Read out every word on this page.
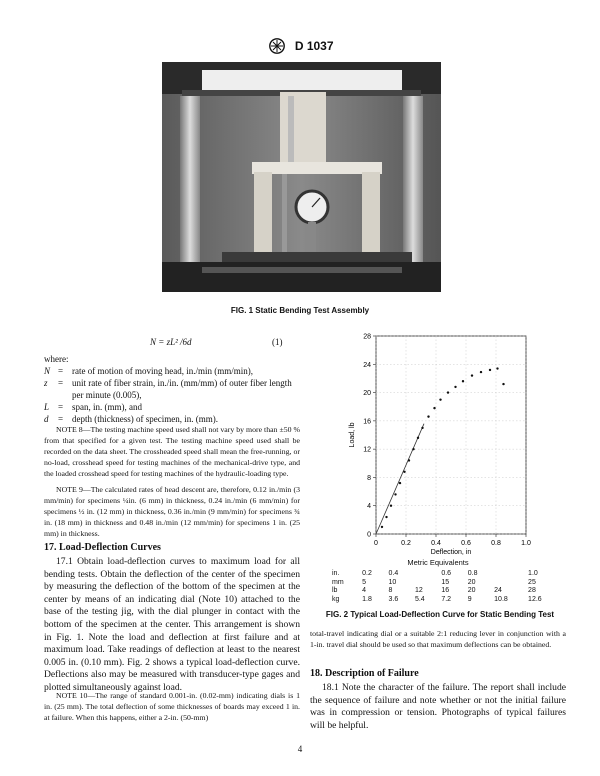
D 1037
FIG. 1 Static Bending Test Assembly
N = zL² /6d	(1)
where:
N	=	rate of motion of moving head, in./min (mm/min),
z	=	unit rate of fiber strain, in./in. (mm/mm) of outer fiber length per minute (0.005),
L	=	span, in. (mm), and
d	=	depth (thickness) of specimen, in. (mm).
NOTE 8—The testing machine speed used shall not vary by more than ±50 % from that specified for a given test. The testing machine speed used shall be recorded on the data sheet. The crossheaded speed shall mean the free-running, or no-load, crosshead speed for testing machines of the mechanical-drive type, and the loaded crosshead speed for testing machines of the hydraulic-loading type.
NOTE 9—The calculated rates of head descent are, therefore, 0.12 in./min (3 mm/min) for specimens ¼in. (6 mm) in thickness, 0.24 in./min (6 mm/min) for specimens ½ in. (12 mm) in thickness, 0.36 in./min (9 mm/min) for specimens ¾ in. (18 mm) in thickness and 0.48 in./min (12 mm/min) for specimens 1 in. (25 mm) in thickness.
17. Load-Deflection Curves
17.1 Obtain load-deflection curves to maximum load for all bending tests. Obtain the deflection of the center of the specimen by measuring the deflection of the bottom of the specimen at the center by means of an indicating dial (Note 10) attached to the base of the testing jig, with the dial plunger in contact with the bottom of the specimen at the center. This arrangement is shown in Fig. 1. Note the load and deflection at first failure and at maximum load. Take readings of deflection at least to the nearest 0.005 in. (0.10 mm). Fig. 2 shows a typical load-deflection curve. Deflections also may be measured with transducer-type gages and plotted simultaneously against load.
NOTE 10—The range of standard 0.001-in. (0.02-mm) indicating dials is 1 in. (25 mm). The total deflection of some thicknesses of boards may exceed 1 in. at failure. When this happens, either a 2-in. (50-mm)
0
4
8
12
16
20
24
28
0	0.2	0.4	0.6	0.8	1.0
Deflection, in
Load, lb
Metric Equivalents
in.	0.2	0.4		0.6	0.8		1.0
mm	5	10		15	20		25
lb	4	8	12	16	20	24	28
kg	1.8	3.6	5.4	7.2	9	10.8	12.6
FIG. 2 Typical Load-Deflection Curve for Static Bending Test
total-travel indicating dial or a suitable 2:1 reducing lever in conjunction with a 1-in. travel dial should be used so that maximum deflections can be obtained.
18. Description of Failure
18.1 Note the character of the failure. The report shall include the sequence of failure and note whether or not the initial failure was in compression or tension. Photographs of typical failures will be helpful.
4
